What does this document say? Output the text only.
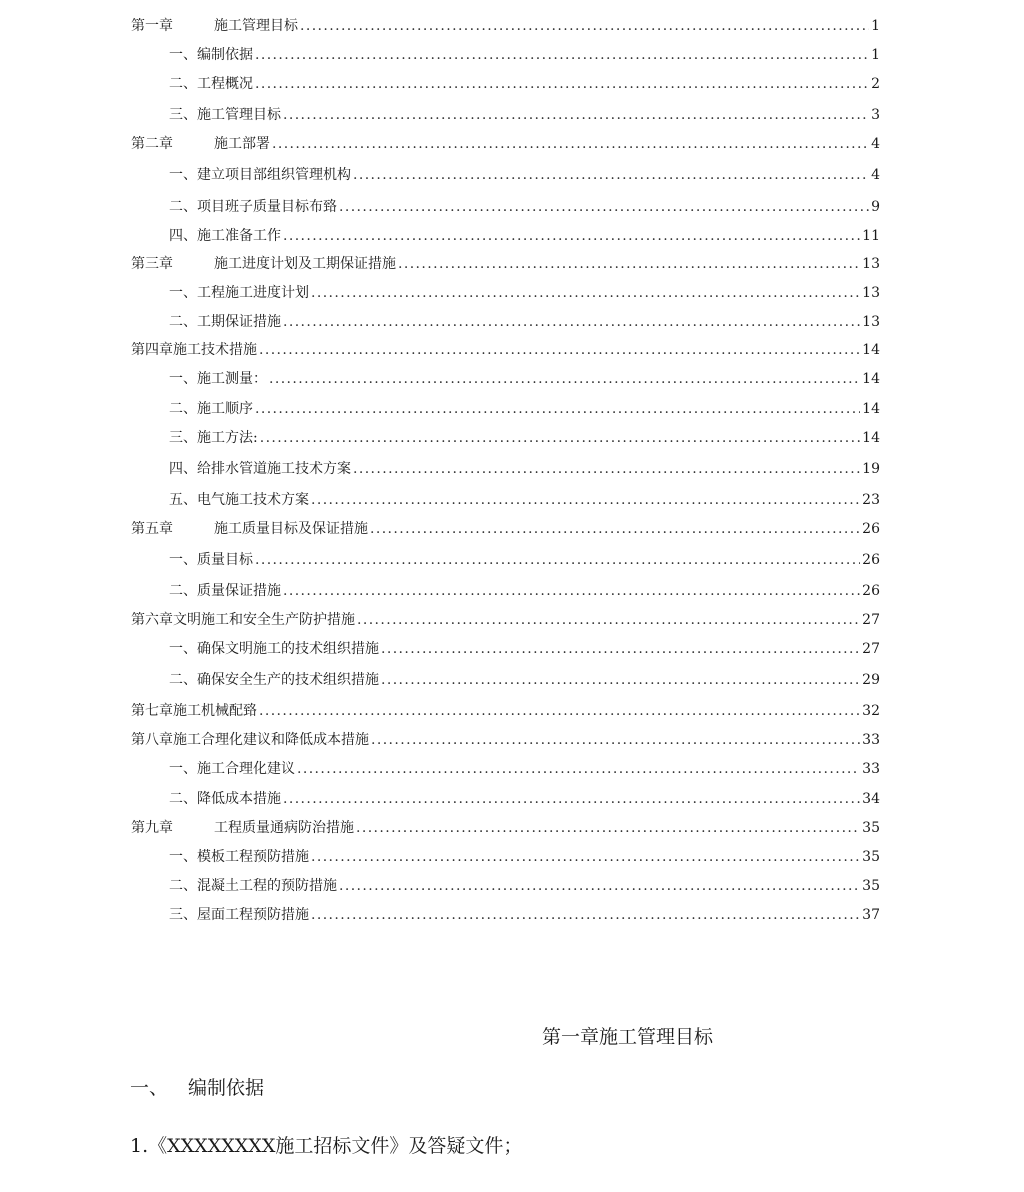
第一章	施工管理目标 .....	1
一、 编制依据 .....	1
二、 工程概况 .....	2
三、 施工管理目标 .....	3
第二章	施工部署 .....	4
一、 建立项目部组织管理机构 .....	4
二、 项目班子质量目标布臵 .....	9
四、 施工准备工作 .....	11
第三章	施工进度计划及工期保证措施 .....	13
一、 工程施工进度计划 .....	13
二、 工期保证措施 .....	13
第四章 施工技术措施 .....	14
一、 施工测量： .....	14
二、 施工顺序 .....	14
三、 施工方法: .....	14
四、 给排水管道施工技术方案 .....	19
五、 电气施工技术方案 .....	23
第五章	施工质量目标及保证措施 .....	26
一、 质量目标 .....	26
二、 质量保证措施 .....	26
第六章 文明施工和安全生产防护措施 .....	27
一、 确保文明施工的技术组织措施 .....	27
二、 确保安全生产的技术组织措施 .....	29
第七章 施工机械配臵 .....	32
第八章 施工合理化建议和降低成本措施 .....	33
一、 施工合理化建议 .....	33
二、 降低成本措施 .....	34
第九章	工程质量通病防治措施 .....	35
一、 模板工程预防措施 .....	35
二、 混凝土工程的预防措施 .....	35
三、 屋面工程预防措施 .....	37
第一章施工管理目标
一、	编制依据
1.《XXXXXXXX施工招标文件》及答疑文件；
